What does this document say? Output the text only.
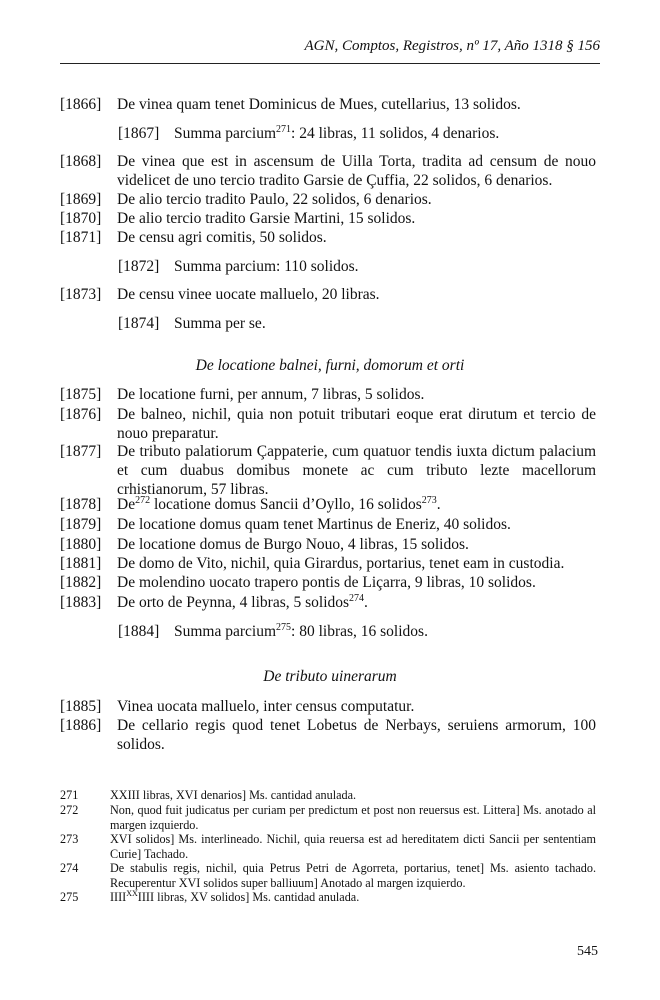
AGN, Comptos, Registros, nº 17, Año 1318 § 156
[1866] De vinea quam tenet Dominicus de Mues, cutellarius, 13 solidos.
[1867] Summa parcium$^{271}$: 24 libras, 11 solidos, 4 denarios.
[1868] De vinea que est in ascensum de Uilla Torta, tradita ad censum de nouo videlicet de uno tercio tradito Garsie de Çuffia, 22 solidos, 6 denarios.
[1869] De alio tercio tradito Paulo, 22 solidos, 6 denarios.
[1870] De alio tercio tradito Garsie Martini, 15 solidos.
[1871] De censu agri comitis, 50 solidos.
[1872] Summa parcium: 110 solidos.
[1873] De censu vinee uocate malluelo, 20 libras.
[1874] Summa per se.
De locatione balnei, furni, domorum et orti
[1875] De locatione furni, per annum, 7 libras, 5 solidos.
[1876] De balneo, nichil, quia non potuit tributari eoque erat dirutum et tercio de nouo preparatur.
[1877] De tributo palatiorum Çappaterie, cum quatuor tendis iuxta dictum palacium et cum duabus domibus monete ac cum tributo lezte macellorum crhistianorum, 57 libras.
[1878] De$^{272}$ locatione domus Sancii d’Oyllo, 16 solidos$^{273}$.
[1879] De locatione domus quam tenet Martinus de Eneriz, 40 solidos.
[1880] De locatione domus de Burgo Nouo, 4 libras, 15 solidos.
[1881] De domo de Vito, nichil, quia Girardus, portarius, tenet eam in custodia.
[1882] De molendino uocato trapero pontis de Liçarra, 9 libras, 10 solidos.
[1883] De orto de Peynna, 4 libras, 5 solidos$^{274}$.
[1884] Summa parcium$^{275}$: 80 libras, 16 solidos.
De tributo uinerarum
[1885] Vinea uocata malluelo, inter census computatur.
[1886] De cellario regis quod tenet Lobetus de Nerbays, seruiens armorum, 100 solidos.
271	XXIII libras, XVI denarios] Ms. cantidad anulada.
272	Non, quod fuit judicatus per curiam per predictum et post non reuersus est. Littera] Ms. anotado al margen izquierdo.
273	XVI solidos] Ms. interlineado. Nichil, quia reuersa est ad hereditatem dicti Sancii per sententiam Curie] Tachado.
274	De stabulis regis, nichil, quia Petrus Petri de Agorreta, portarius, tenet] Ms. asiento tachado. Recuperentur XVI solidos super balliuum] Anotado al margen izquierdo.
275	$IIII^{XX}IIII$ libras, XV solidos] Ms. cantidad anulada.
545
